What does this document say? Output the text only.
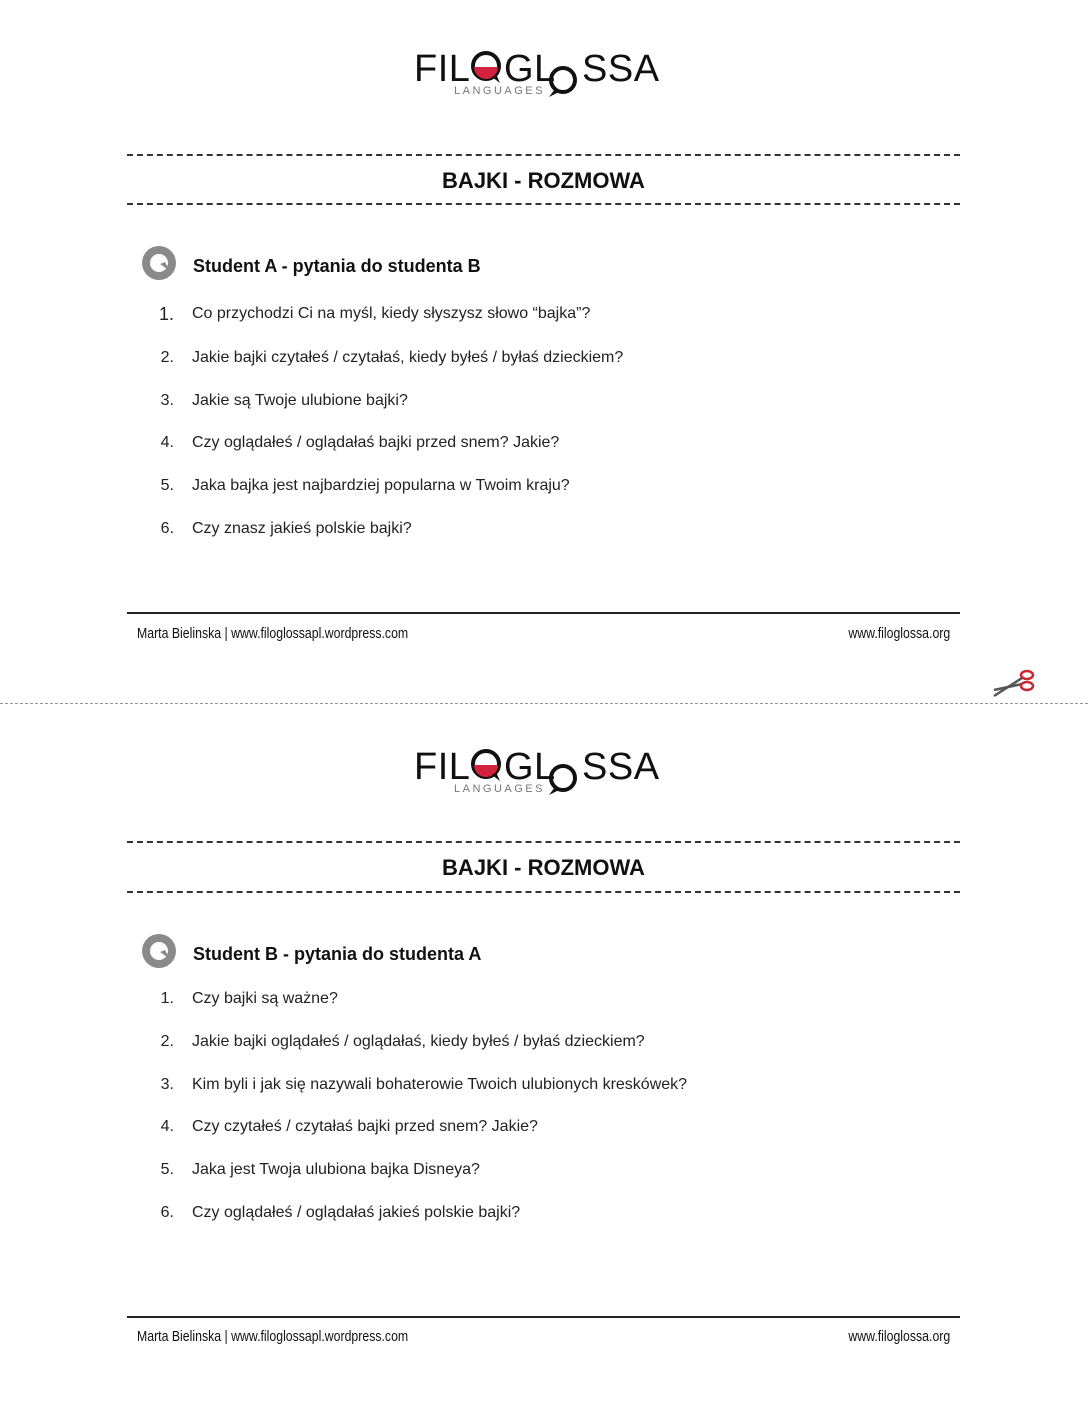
FIL GL SSA
LANGUAGES
BAJKI - ROZMOWA
Student A - pytania do studenta B
1. Co przychodzi Ci na myśl, kiedy słyszysz słowo “bajka”?
2. Jakie bajki czytałeś / czytałaś, kiedy byłeś / byłaś dzieckiem?
3. Jakie są Twoje ulubione bajki?
4. Czy oglądałeś / oglądałaś bajki przed snem? Jakie?
5. Jaka bajka jest najbardziej popularna w Twoim kraju?
6. Czy znasz jakieś polskie bajki?
Marta Bielinska | www.filoglossapl.wordpress.com	www.filoglossa.org
FIL GL SSA
LANGUAGES
BAJKI - ROZMOWA
Student B - pytania do studenta A
1. Czy bajki są ważne?
2. Jakie bajki oglądałeś / oglądałaś, kiedy byłeś / byłaś dzieckiem?
3. Kim byli i jak się nazywali bohaterowie Twoich ulubionych kreskówek?
4. Czy czytałeś / czytałaś bajki przed snem? Jakie?
5. Jaka jest Twoja ulubiona bajka Disneya?
6. Czy oglądałeś / oglądałaś jakieś polskie bajki?
Marta Bielinska | www.filoglossapl.wordpress.com	www.filoglossa.org
